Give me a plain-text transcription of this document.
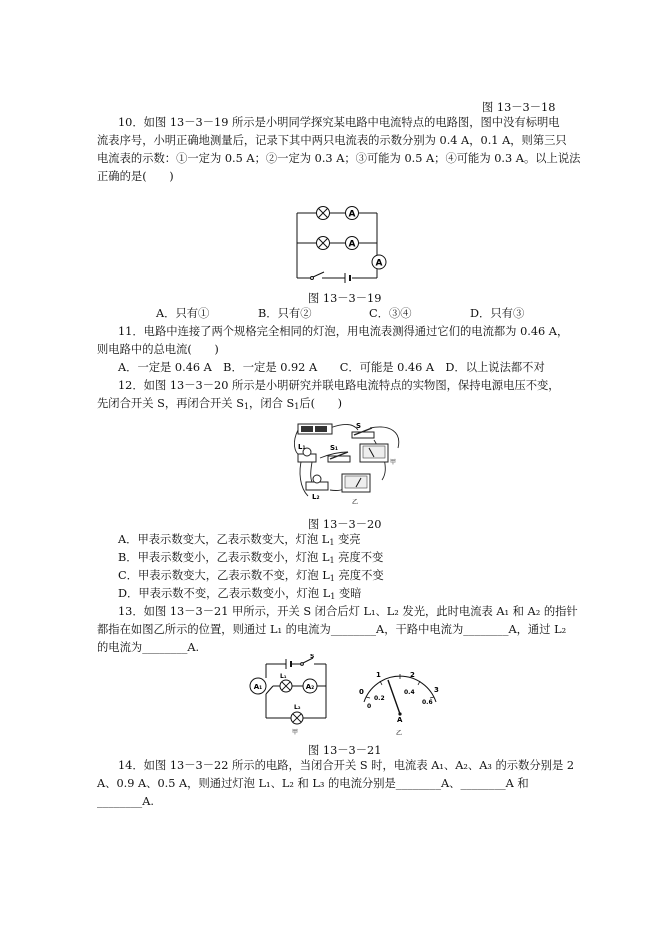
图 13－3－18
10．如图 13－3－19 所示是小明同学探究某电路中电流特点的电路图，图中没有标明电
流表序号，小明正确地测量后，记录下其中两只电流表的示数分别为 0.4 A，0.1 A，则第三只
电流表的示数：①一定为 0.5 A；②一定为 0.3 A；③可能为 0.5 A；④可能为 0.3 A。以上说法
正确的是(　　)
A
A
A
图 13－3－19
A．只有①	B．只有②	C．③④	D．只有③
11．电路中连接了两个规格完全相同的灯泡，用电流表测得通过它们的电流都为 0.46 A，
则电路中的总电流(　　)
A．一定是 0.46 A　B．一定是 0.92 A　　C．可能是 0.46 A　D．以上说法都不对
12．如图 13－3－20 所示是小明研究并联电路电流特点的实物图，保持电源电压不变，
先闭合开关 S，再闭合开关 $S_1$，闭合 $S_1$后(　　)
S
S₁
L₁
L₂
甲
乙
图 13－3－20
A．甲表示数变大，乙表示数变大，灯泡 $L_1$ 变亮
B．甲表示数变小，乙表示数变小，灯泡 $L_1$ 亮度不变
C．甲表示数变大，乙表示数不变，灯泡 $L_1$ 亮度不变
D．甲表示数不变，乙表示数变小，灯泡 $L_1$ 变暗
13．如图 13－3－21 甲所示，开关 S 闭合后灯 L₁、L₂ 发光，此时电流表 A₁ 和 A₂ 的指针
都指在如图乙所示的位置，则通过 L₁ 的电流为________A，干路中电流为________A，通过 L₂
的电流为________A.
S
A₁
L₁
A₂
L₂
甲
0
1	2
3
0.2
0.4
0.6
0
A
乙
图 13－3－21
14．如图 13－3－22 所示的电路，当闭合开关 S 时，电流表 A₁、A₂、A₃ 的示数分别是 2
A、0.9 A、0.5 A，则通过灯泡 L₁、L₂ 和 L₃ 的电流分别是________A、________A 和
________A.
